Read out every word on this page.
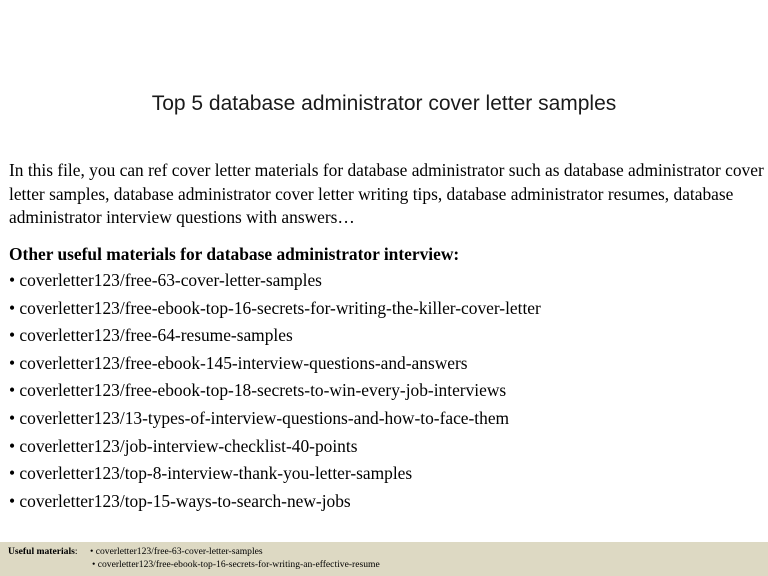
Top 5 database administrator cover letter samples

In this file, you can ref cover letter materials for database administrator such as database administrator cover letter samples, database administrator cover letter writing tips, database administrator resumes, database administrator interview questions with answers…

Other useful materials for database administrator interview:

• coverletter123/free-63-cover-letter-samples
• coverletter123/free-ebook-top-16-secrets-for-writing-the-killer-cover-letter
• coverletter123/free-64-resume-samples
• coverletter123/free-ebook-145-interview-questions-and-answers
• coverletter123/free-ebook-top-18-secrets-to-win-every-job-interviews
• coverletter123/13-types-of-interview-questions-and-how-to-face-them
• coverletter123/job-interview-checklist-40-points
• coverletter123/top-8-interview-thank-you-letter-samples
• coverletter123/top-15-ways-to-search-new-jobs
Useful materials: • coverletter123/free-63-cover-letter-samples
• coverletter123/free-ebook-top-16-secrets-for-writing-an-effective-resume
